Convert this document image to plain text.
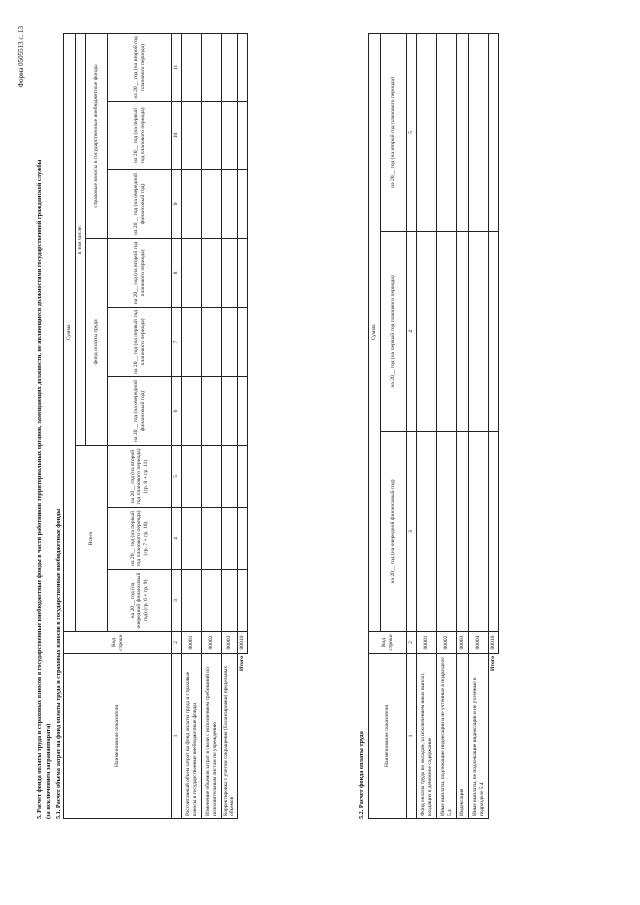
Форма 0505513 с. 13
5. Расчет фонда оплаты труда и страховых взносов в государственные внебюджетные фонды в части работников территориальных органов, замещающих должности, не являющиеся должностями государственной гражданской службы (за исключением загранаппарата) 5.1. Расчет объема затрат на фонд оплаты труда и страховых взносов в государственные внебюджетные фонды	Наименование показателя	Код строки	Сумма								
		Всего			в том числе:					
					фонд оплаты труда			страховые взносы в государственные внебюджетные фонды		
		на 20__ год (на очередной финансовый год) (гр. 6 + гр. 9)	на 20__ год (на первый год планового периода) (гр. 7 + гр. 10)	на 20__ год (на второй год планового периода) (гр. 8 + гр. 11)	на 20__ год (на очередной финансовый год)	на 20__ год (на первый год планового периода)	на 20__ год (на второй год планового периода)	на 20__ год (на очередной финансовый год)	на 20__ год (на первый год планового периода)	на 20__ год (на второй год планового периода)
1	2	3	4	5	6	7	8	9	10	11
Рассчитанный объем затрат на фонд оплаты труда и страховые взносы в государственные внебюджетные фонды	00001									
Изменение объемов затрат в связи с исполнением требований по исполнительным листам по учреждению	00002									
Корректировка с учетом сокращения (балансировки) предельных объемов	00003									
Итого	00010									
5.2. Расчет фонда оплаты труда	Наименование показателя	Код строки	Сумма		
		на 20__ год (на очередной финансовый год)	на 20__ год (на первый год планового периода)	на 20__ год (на второй год планового периода)
1	2	3	4	5
Фонд оплаты труда по окладам, за исключением иных выплат, входящих в денежное содержание	00001			
Иные выплаты, подлежащие индексации и не учтенные в подразделе 5.4	00002			
Индексация	00003			
Иные выплаты, не подлежащие индексации и не учтенные в подразделе 5.4	00004			
Итого	00010			
